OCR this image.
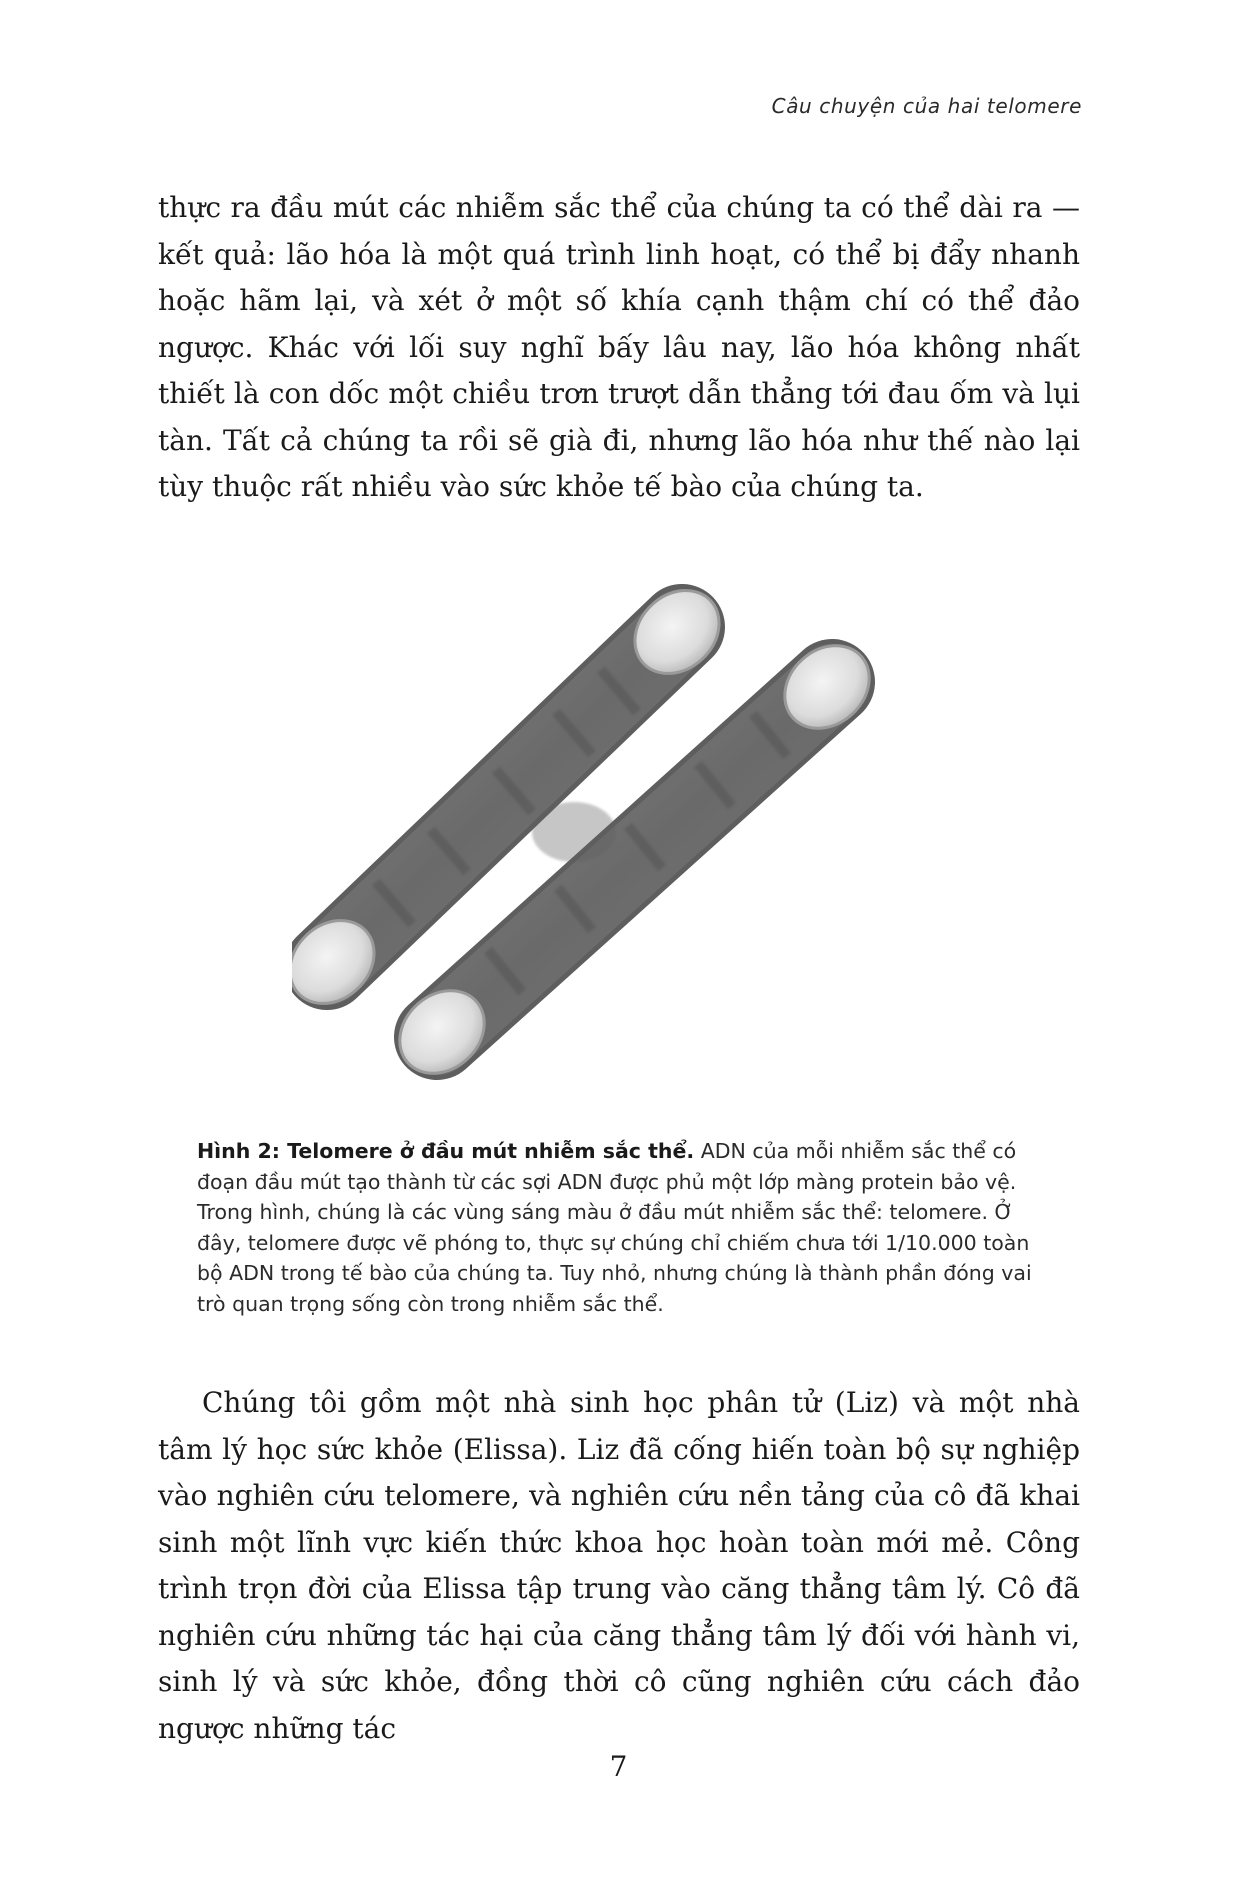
Câu chuyện của hai telomere

thực ra đầu mút các nhiễm sắc thể của chúng ta có thể dài ra — kết quả: lão hóa là một quá trình linh hoạt, có thể bị đẩy nhanh hoặc hãm lại, và xét ở một số khía cạnh thậm chí có thể đảo ngược. Khác với lối suy nghĩ bấy lâu nay, lão hóa không nhất thiết là con dốc một chiều trơn trượt dẫn thẳng tới đau ốm và lụi tàn. Tất cả chúng ta rồi sẽ già đi, nhưng lão hóa như thế nào lại tùy thuộc rất nhiều vào sức khỏe tế bào của chúng ta.

Hình 2: Telomere ở đầu mút nhiễm sắc thể. ADN của mỗi nhiễm sắc thể có đoạn đầu mút tạo thành từ các sợi ADN được phủ một lớp màng protein bảo vệ. Trong hình, chúng là các vùng sáng màu ở đầu mút nhiễm sắc thể: telomere. Ở đây, telomere được vẽ phóng to, thực sự chúng chỉ chiếm chưa tới 1/10.000 toàn bộ ADN trong tế bào của chúng ta. Tuy nhỏ, nhưng chúng là thành phần đóng vai trò quan trọng sống còn trong nhiễm sắc thể.

Chúng tôi gồm một nhà sinh học phân tử (Liz) và một nhà tâm lý học sức khỏe (Elissa). Liz đã cống hiến toàn bộ sự nghiệp vào nghiên cứu telomere, và nghiên cứu nền tảng của cô đã khai sinh một lĩnh vực kiến thức khoa học hoàn toàn mới mẻ. Công trình trọn đời của Elissa tập trung vào căng thẳng tâm lý. Cô đã nghiên cứu những tác hại của căng thẳng tâm lý đối với hành vi, sinh lý và sức khỏe, đồng thời cô cũng nghiên cứu cách đảo ngược những tác

7
